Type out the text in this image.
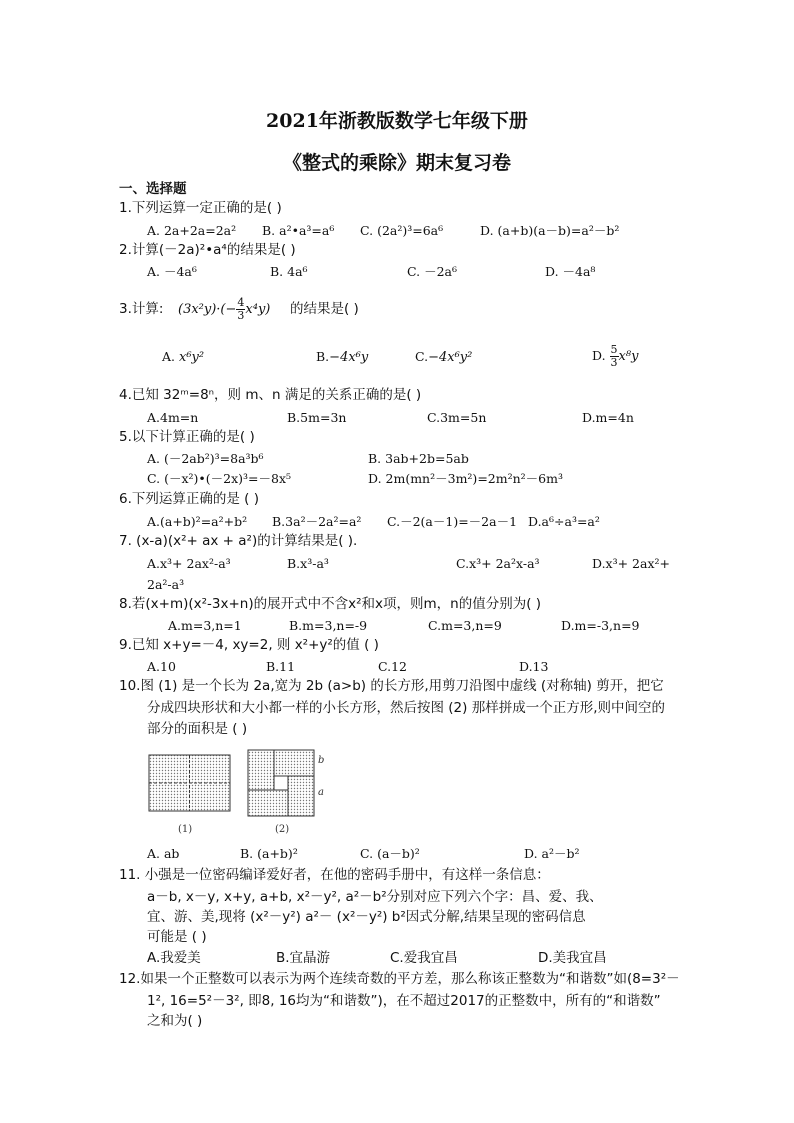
2021年浙教版数学七年级下册
《整式的乘除》期末复习卷
一、选择题
1.下列运算一定正确的是( )
A. 2a+2a=2a² B. a²•a³=a⁶ C. (2a²)³=6a⁶	D. (a+b)(a－b)=a²－b²
2.计算(－2a)²•a⁴的结果是( )
A. －4a⁶	B. 4a⁶	C. －2a⁶	D. －4a⁸
3.计算: $(3x^2y)\cdot(- \frac{4}{3} x^4y)$ 的结果是( )
A. x⁶y²	B.−4x⁶y	C.−4x⁶y²	D. $\frac{5}{3} x^8y$
4.已知 32ᵐ=8ⁿ，则 m、n 满足的关系正确的是( )
A.4m=n	B.5m=3n	C.3m=5n	D.m=4n
5.以下计算正确的是( )
A. (－2ab²)³=8a³b⁶	B. 3ab+2b=5ab
C. (－x²)•(－2x)³=－8x⁵	D. 2m(mn²－3m²)=2m²n²－6m³
6.下列运算正确的是 ( )
A.(a+b)²=a²+b² B.3a²－2a²=a² C.－2(a－1)=－2a－1 D.a⁶÷a³=a²
7. (x-a)(x²+ ax + a²)的计算结果是( ).
A.x³+ 2ax²-a³	B.x³-a³	C.x³+ 2a²x-a³	D.x³+ 2ax²+
2a²-a³
8.若(x+m)(x²-3x+n)的展开式中不含x²和x项，则m，n的值分别为( )
A.m=3,n=1	B.m=3,n=-9	C.m=3,n=9	D.m=-3,n=9
9.已知 x+y=－4, xy=2, 则 x²+y²的值 ( )
A.10	B.11	C.12	D.13
10.图 (1) 是一个长为 2a,宽为 2b (a>b) 的长方形,用剪刀沿图中虚线 (对称轴) 剪开，把它
分成四块形状和大小都一样的小长方形，然后按图 (2) 那样拼成一个正方形,则中间空的
部分的面积是 ( )
(1)
b
a
(2)
A. ab	B. (a+b)²	C. (a－b)²	D. a²－b²
11. 小强是一位密码编译爱好者，在他的密码手册中，有这样一条信息：
a－b, x－y, x+y, a+b, x²－y², a²－b²分别对应下列六个字：昌、爱、我、
宜、游、美,现将 (x²－y²) a²－ (x²－y²) b²因式分解,结果呈现的密码信息
可能是 ( )
A.我爱美	B.宜晶游	C.爱我宜昌	D.美我宜昌
12.如果一个正整数可以表示为两个连续奇数的平方差，那么称该正整数为“和谐数”如(8=3²－
1², 16=5²－3², 即8, 16均为“和谐数”)，在不超过2017的正整数中，所有的“和谐数”
之和为( )
